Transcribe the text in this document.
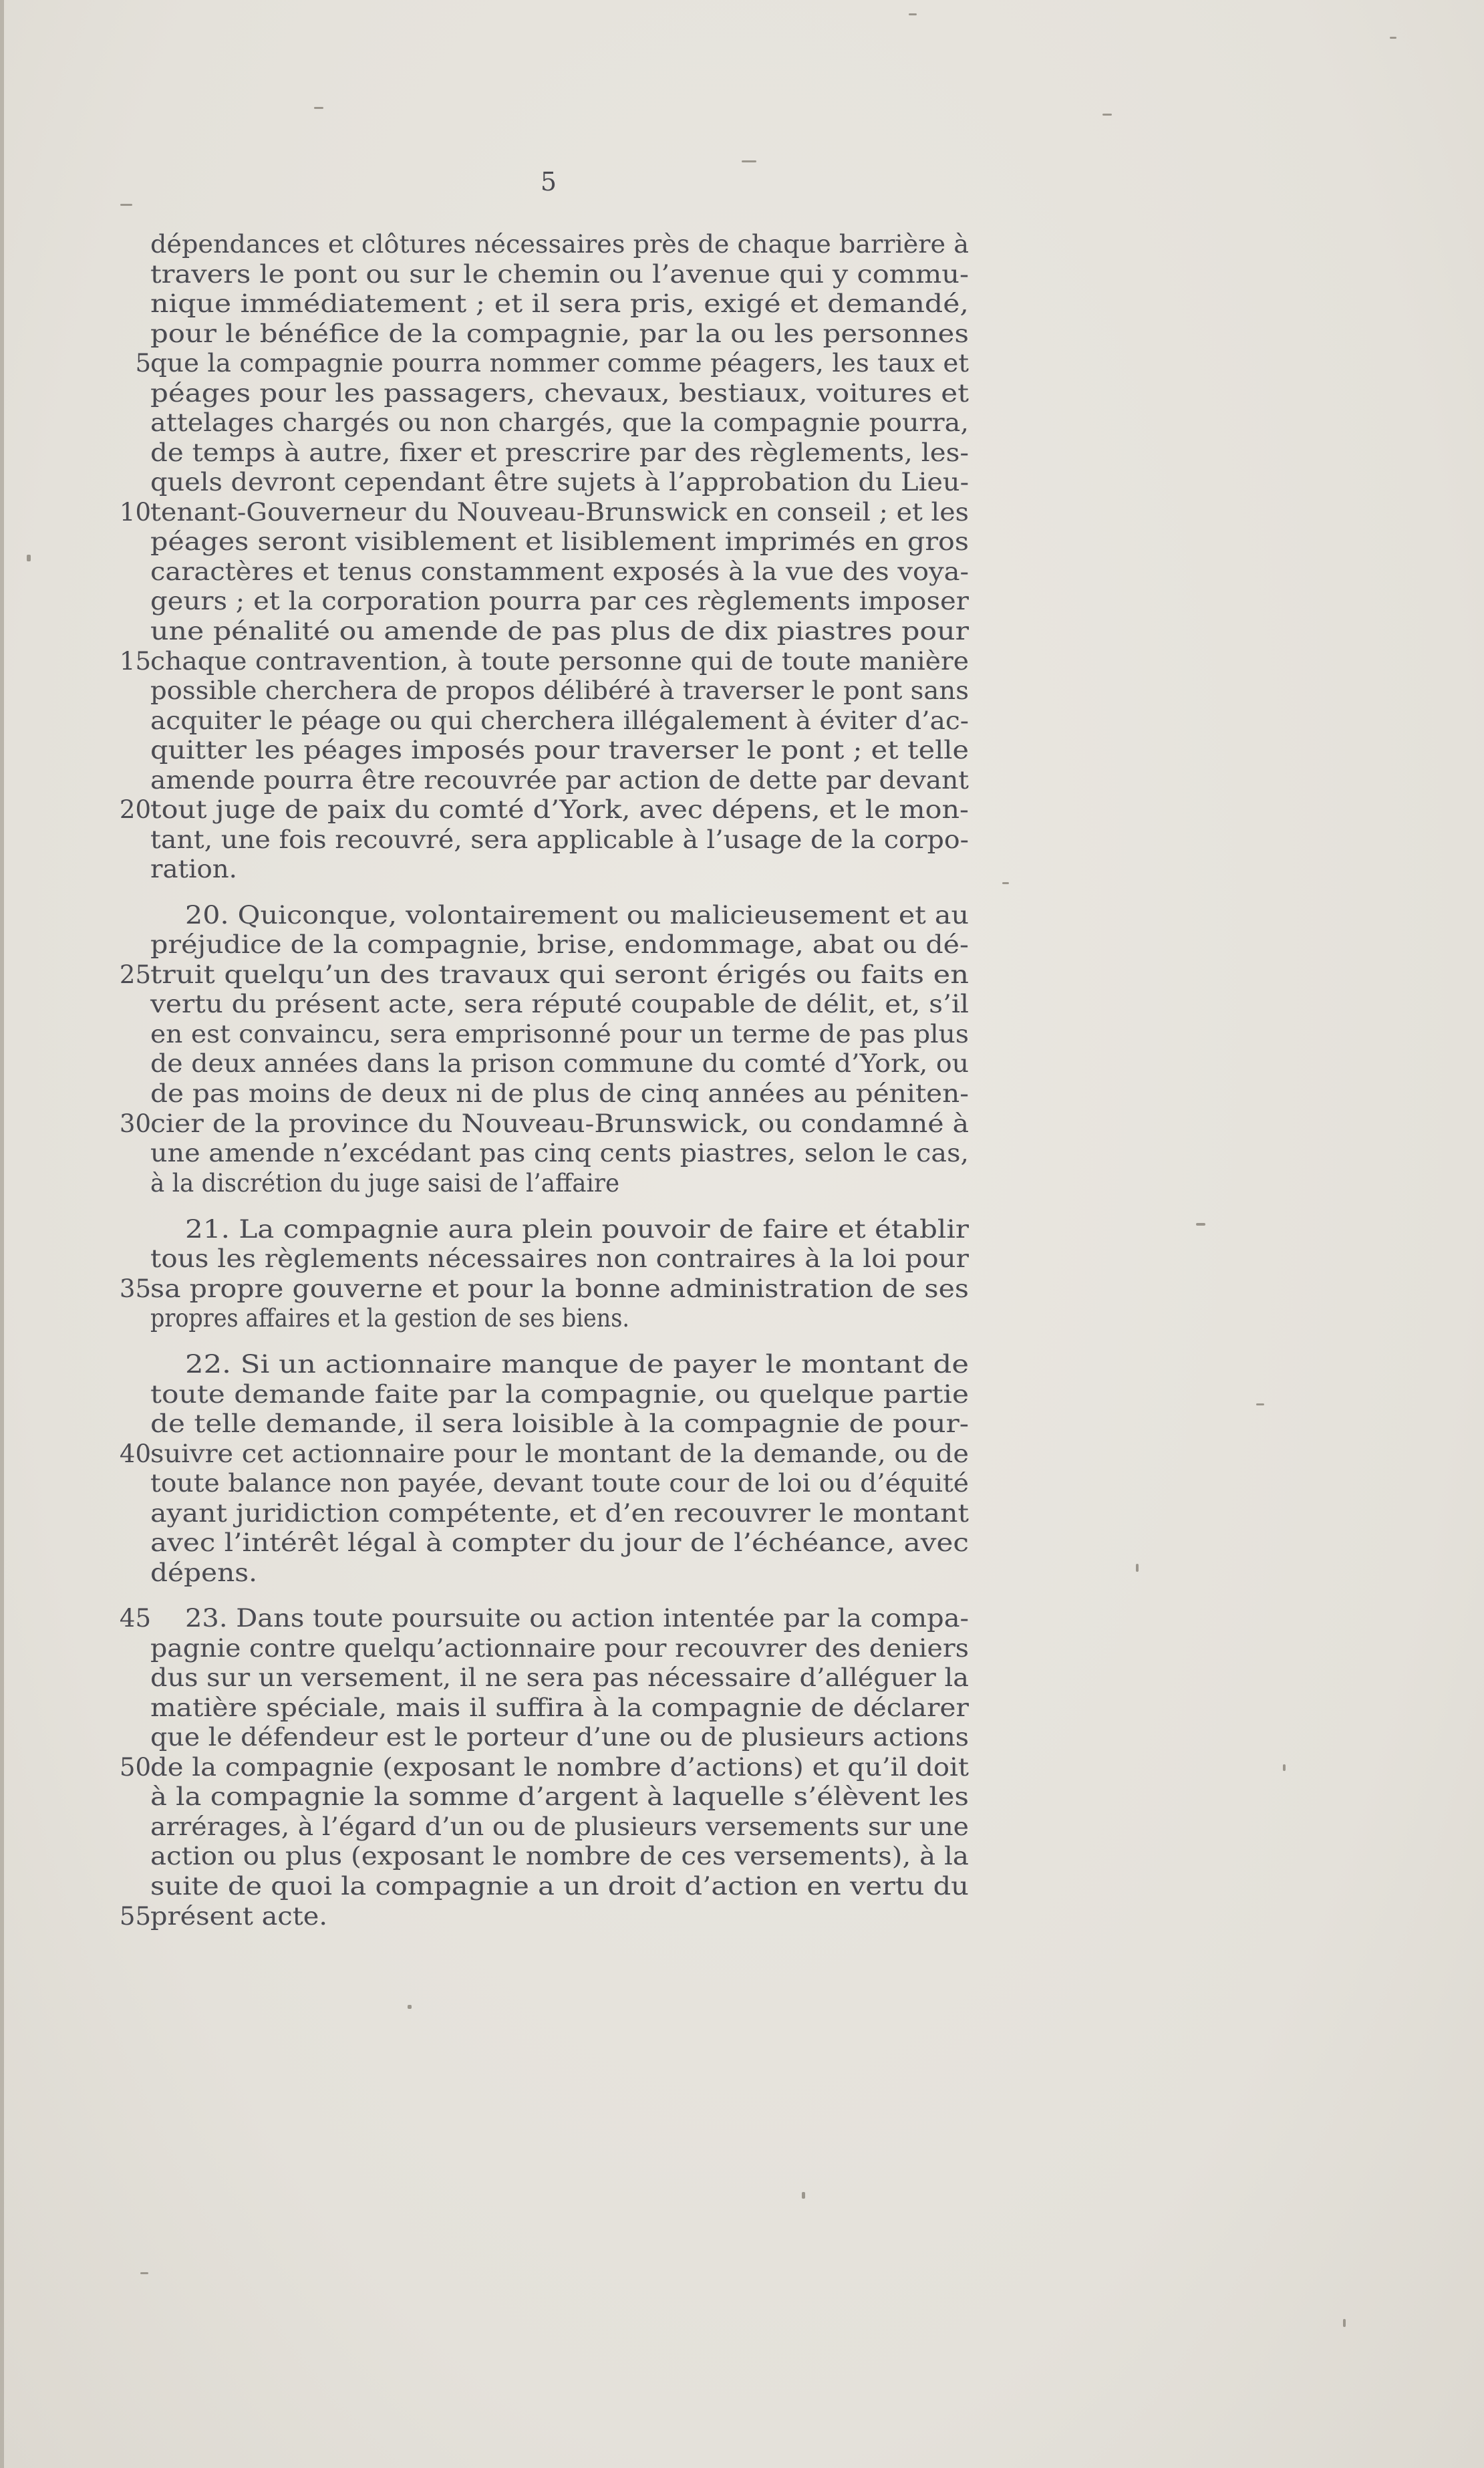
5
dépendances et clôtures nécessaires près de chaque barrière à
travers le pont ou sur le chemin ou l’avenue qui y commu-
nique immédiatement ; et il sera pris, exigé et demandé,
pour le bénéfice de la compagnie, par la ou les personnes
que la compagnie pourra nommer comme péagers, les taux et
péages pour les passagers, chevaux, bestiaux, voitures et
attelages chargés ou non chargés, que la compagnie pourra,
de temps à autre, fixer et prescrire par des règlements, les-
quels devront cependant être sujets à l’approbation du Lieu-
tenant-Gouverneur du Nouveau-Brunswick en conseil ; et les
péages seront visiblement et lisiblement imprimés en gros
caractères et tenus constamment exposés à la vue des voya-
geurs ; et la corporation pourra par ces règlements imposer
une pénalité ou amende de pas plus de dix piastres pour
chaque contravention, à toute personne qui de toute manière
possible cherchera de propos délibéré à traverser le pont sans
acquiter le péage ou qui cherchera illégalement à éviter d’ac-
quitter les péages imposés pour traverser le pont ; et telle
amende pourra être recouvrée par action de dette par devant
tout juge de paix du comté d’York, avec dépens, et le mon-
tant, une fois recouvré, sera applicable à l’usage de la corpo-
ration.
20. Quiconque, volontairement ou malicieusement et au
préjudice de la compagnie, brise, endommage, abat ou dé-
truit quelqu’un des travaux qui seront érigés ou faits en
vertu du présent acte, sera réputé coupable de délit, et, s’il
en est convaincu, sera emprisonné pour un terme de pas plus
de deux années dans la prison commune du comté d’York, ou
de pas moins de deux ni de plus de cinq années au péniten-
cier de la province du Nouveau-Brunswick, ou condamné à
une amende n’excédant pas cinq cents piastres, selon le cas,
à la discrétion du juge saisi de l’affaire
21. La compagnie aura plein pouvoir de faire et établir
tous les règlements nécessaires non contraires à la loi pour
sa propre gouverne et pour la bonne administration de ses
propres affaires et la gestion de ses biens.
22. Si un actionnaire manque de payer le montant de
toute demande faite par la compagnie, ou quelque partie
de telle demande, il sera loisible à la compagnie de pour-
suivre cet actionnaire pour le montant de la demande, ou de
toute balance non payée, devant toute cour de loi ou d’équité
ayant juridiction compétente, et d’en recouvrer le montant
avec l’intérêt légal à compter du jour de l’échéance, avec
dépens.
23. Dans toute poursuite ou action intentée par la compa-
pagnie contre quelqu’actionnaire pour recouvrer des deniers
dus sur un versement, il ne sera pas nécessaire d’alléguer la
matière spéciale, mais il suffira à la compagnie de déclarer
que le défendeur est le porteur d’une ou de plusieurs actions
de la compagnie (exposant le nombre d’actions) et qu’il doit
à la compagnie la somme d’argent à laquelle s’élèvent les
arrérages, à l’égard d’un ou de plusieurs versements sur une
action ou plus (exposant le nombre de ces versements), à la
suite de quoi la compagnie a un droit d’action en vertu du
présent acte.
5
10
15
20
25
30
35
40
45
50
55
